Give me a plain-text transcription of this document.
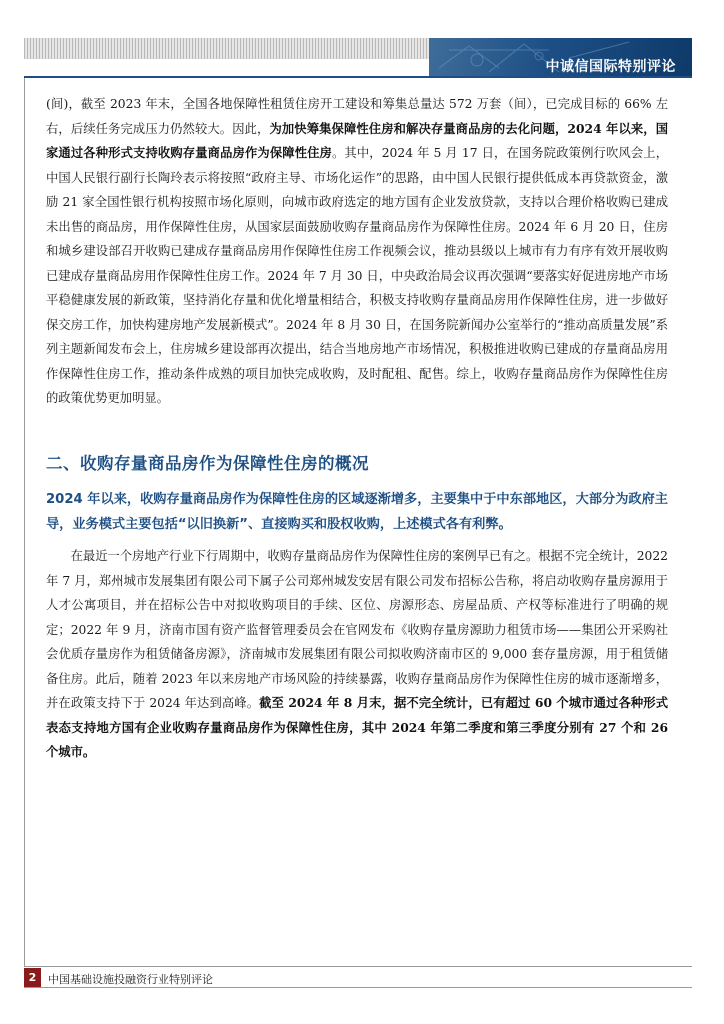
中诚信国际特别评论

(间)，截至 2023 年末，全国各地保障性租赁住房开工建设和筹集总量达 572 万套（间），已完成目标的 66% 左右，后续任务完成压力仍然较大。因此，为加快筹集保障性住房和解决存量商品房的去化问题，2024 年以来，国家通过各种形式支持收购存量商品房作为保障性住房。其中，2024 年 5 月 17 日，在国务院政策例行吹风会上，中国人民银行副行长陶玲表示将按照“政府主导、市场化运作”的思路，由中国人民银行提供低成本再贷款资金，激励 21 家全国性银行机构按照市场化原则，向城市政府选定的地方国有企业发放贷款，支持以合理价格收购已建成未出售的商品房，用作保障性住房，从国家层面鼓励收购存量商品房作为保障性住房。2024 年 6 月 20 日，住房和城乡建设部召开收购已建成存量商品房用作保障性住房工作视频会议，推动县级以上城市有力有序有效开展收购已建成存量商品房用作保障性住房工作。2024 年 7 月 30 日，中央政治局会议再次强调“要落实好促进房地产市场平稳健康发展的新政策，坚持消化存量和优化增量相结合，积极支持收购存量商品房用作保障性住房，进一步做好保交房工作，加快构建房地产发展新模式”。2024 年 8 月 30 日，在国务院新闻办公室举行的“推动高质量发展”系列主题新闻发布会上，住房城乡建设部再次提出，结合当地房地产市场情况，积极推进收购已建成的存量商品房用作保障性住房工作，推动条件成熟的项目加快完成收购，及时配租、配售。综上，收购存量商品房作为保障性住房的政策优势更加明显。

二、收购存量商品房作为保障性住房的概况

2024 年以来，收购存量商品房作为保障性住房的区域逐渐增多，主要集中于中东部地区，大部分为政府主导，业务模式主要包括“以旧换新”、直接购买和股权收购，上述模式各有利弊。

在最近一个房地产行业下行周期中，收购存量商品房作为保障性住房的案例早已有之。根据不完全统计，2022 年 7 月，郑州城市发展集团有限公司下属子公司郑州城发安居有限公司发布招标公告称，将启动收购存量房源用于人才公寓项目，并在招标公告中对拟收购项目的手续、区位、房源形态、房屋品质、产权等标准进行了明确的规定；2022 年 9 月，济南市国有资产监督管理委员会在官网发布《收购存量房源助力租赁市场——集团公开采购社会优质存量房作为租赁储备房源》，济南城市发展集团有限公司拟收购济南市区的 9,000 套存量房源，用于租赁储备住房。此后，随着 2023 年以来房地产市场风险的持续暴露，收购存量商品房作为保障性住房的城市逐渐增多，并在政策支持下于 2024 年达到高峰。截至 2024 年 8 月末，据不完全统计，已有超过 60 个城市通过各种形式表态支持地方国有企业收购存量商品房作为保障性住房，其中 2024 年第二季度和第三季度分别有 27 个和 26 个城市。

2	中国基础设施投融资行业特别评论
